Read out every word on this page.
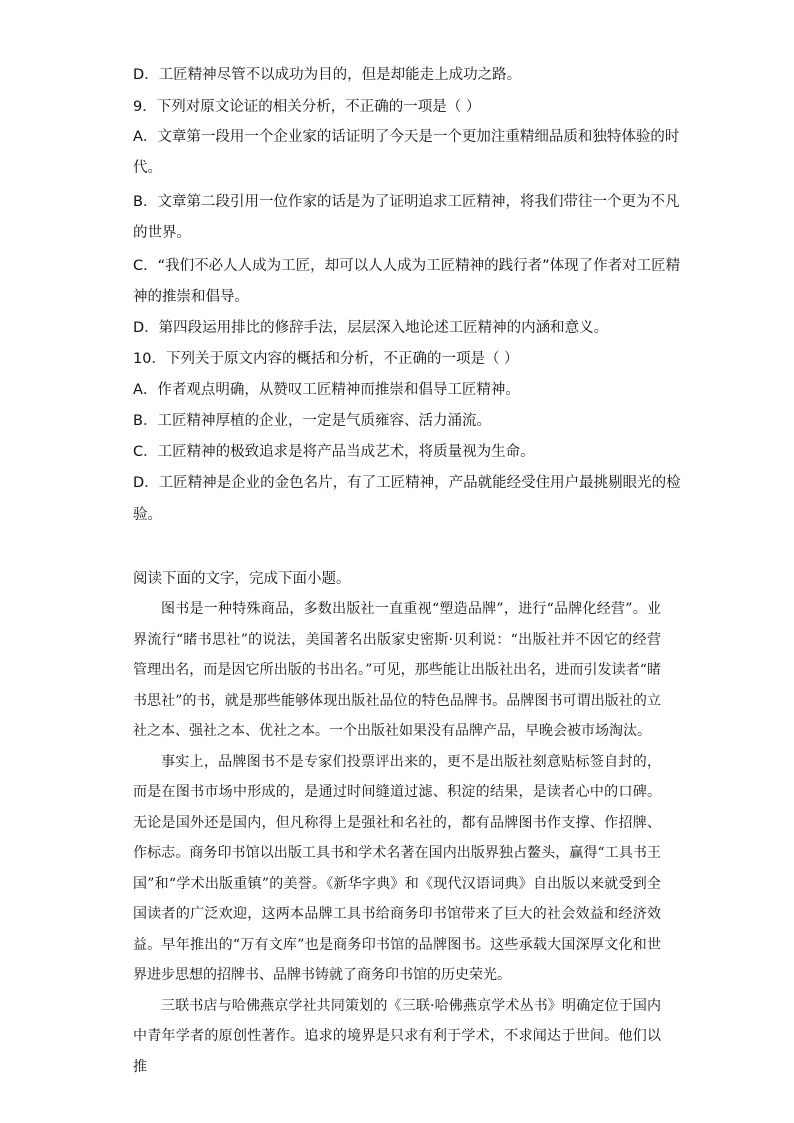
D．工匠精神尽管不以成功为目的，但是却能走上成功之路。
9．下列对原文论证的相关分析，不正确的一项是（ ）
A．文章第一段用一个企业家的话证明了今天是一个更加注重精细品质和独特体验的时
代。
B．文章第二段引用一位作家的话是为了证明追求工匠精神，将我们带往一个更为不凡
的世界。
C．“我们不必人人成为工匠，却可以人人成为工匠精神的践行者”体现了作者对工匠精
神的推崇和倡导。
D．第四段运用排比的修辞手法，层层深入地论述工匠精神的内涵和意义。
10．下列关于原文内容的概括和分析，不正确的一项是（ ）
A．作者观点明确，从赞叹工匠精神而推崇和倡导工匠精神。
B．工匠精神厚植的企业，一定是气质雍容、活力涌流。
C．工匠精神的极致追求是将产品当成艺术，将质量视为生命。
D．工匠精神是企业的金色名片，有了工匠精神，产品就能经受住用户最挑剔眼光的检
验。
阅读下面的文字，完成下面小题。

图书是一种特殊商品，多数出版社一直重视“塑造品牌”，进行“品牌化经营”。业界流行“睹书思社”的说法，美国著名出版家史密斯·贝利说：“出版社并不因它的经营管理出名，而是因它所出版的书出名。”可见，那些能让出版社出名，进而引发读者“睹书思社”的书，就是那些能够体现出版社品位的特色品牌书。品牌图书可谓出版社的立社之本、强社之本、优社之本。一个出版社如果没有品牌产品，早晚会被市场淘汰。

事实上，品牌图书不是专家们投票评出来的，更不是出版社刻意贴标签自封的，而是在图书市场中形成的，是通过时间缝道过滤、积淀的结果，是读者心中的口碑。无论是国外还是国内，但凡称得上是强社和名社的，都有品牌图书作支撑、作招牌、作标志。商务印书馆以出版工具书和学术名著在国内出版界独占鳌头，赢得“工具书王国”和“学术出版重镇”的美誉。《新华字典》和《现代汉语词典》自出版以来就受到全国读者的广泛欢迎，这两本品牌工具书给商务印书馆带来了巨大的社会效益和经济效益。早年推出的“万有文库”也是商务印书馆的品牌图书。这些承载大国深厚文化和世界进步思想的招牌书、品牌书铸就了商务印书馆的历史荣光。

三联书店与哈佛燕京学社共同策划的《三联·哈佛燕京学术丛书》明确定位于国内中青年学者的原创性著作。追求的境界是只求有利于学术，不求闻达于世间。他们以推
